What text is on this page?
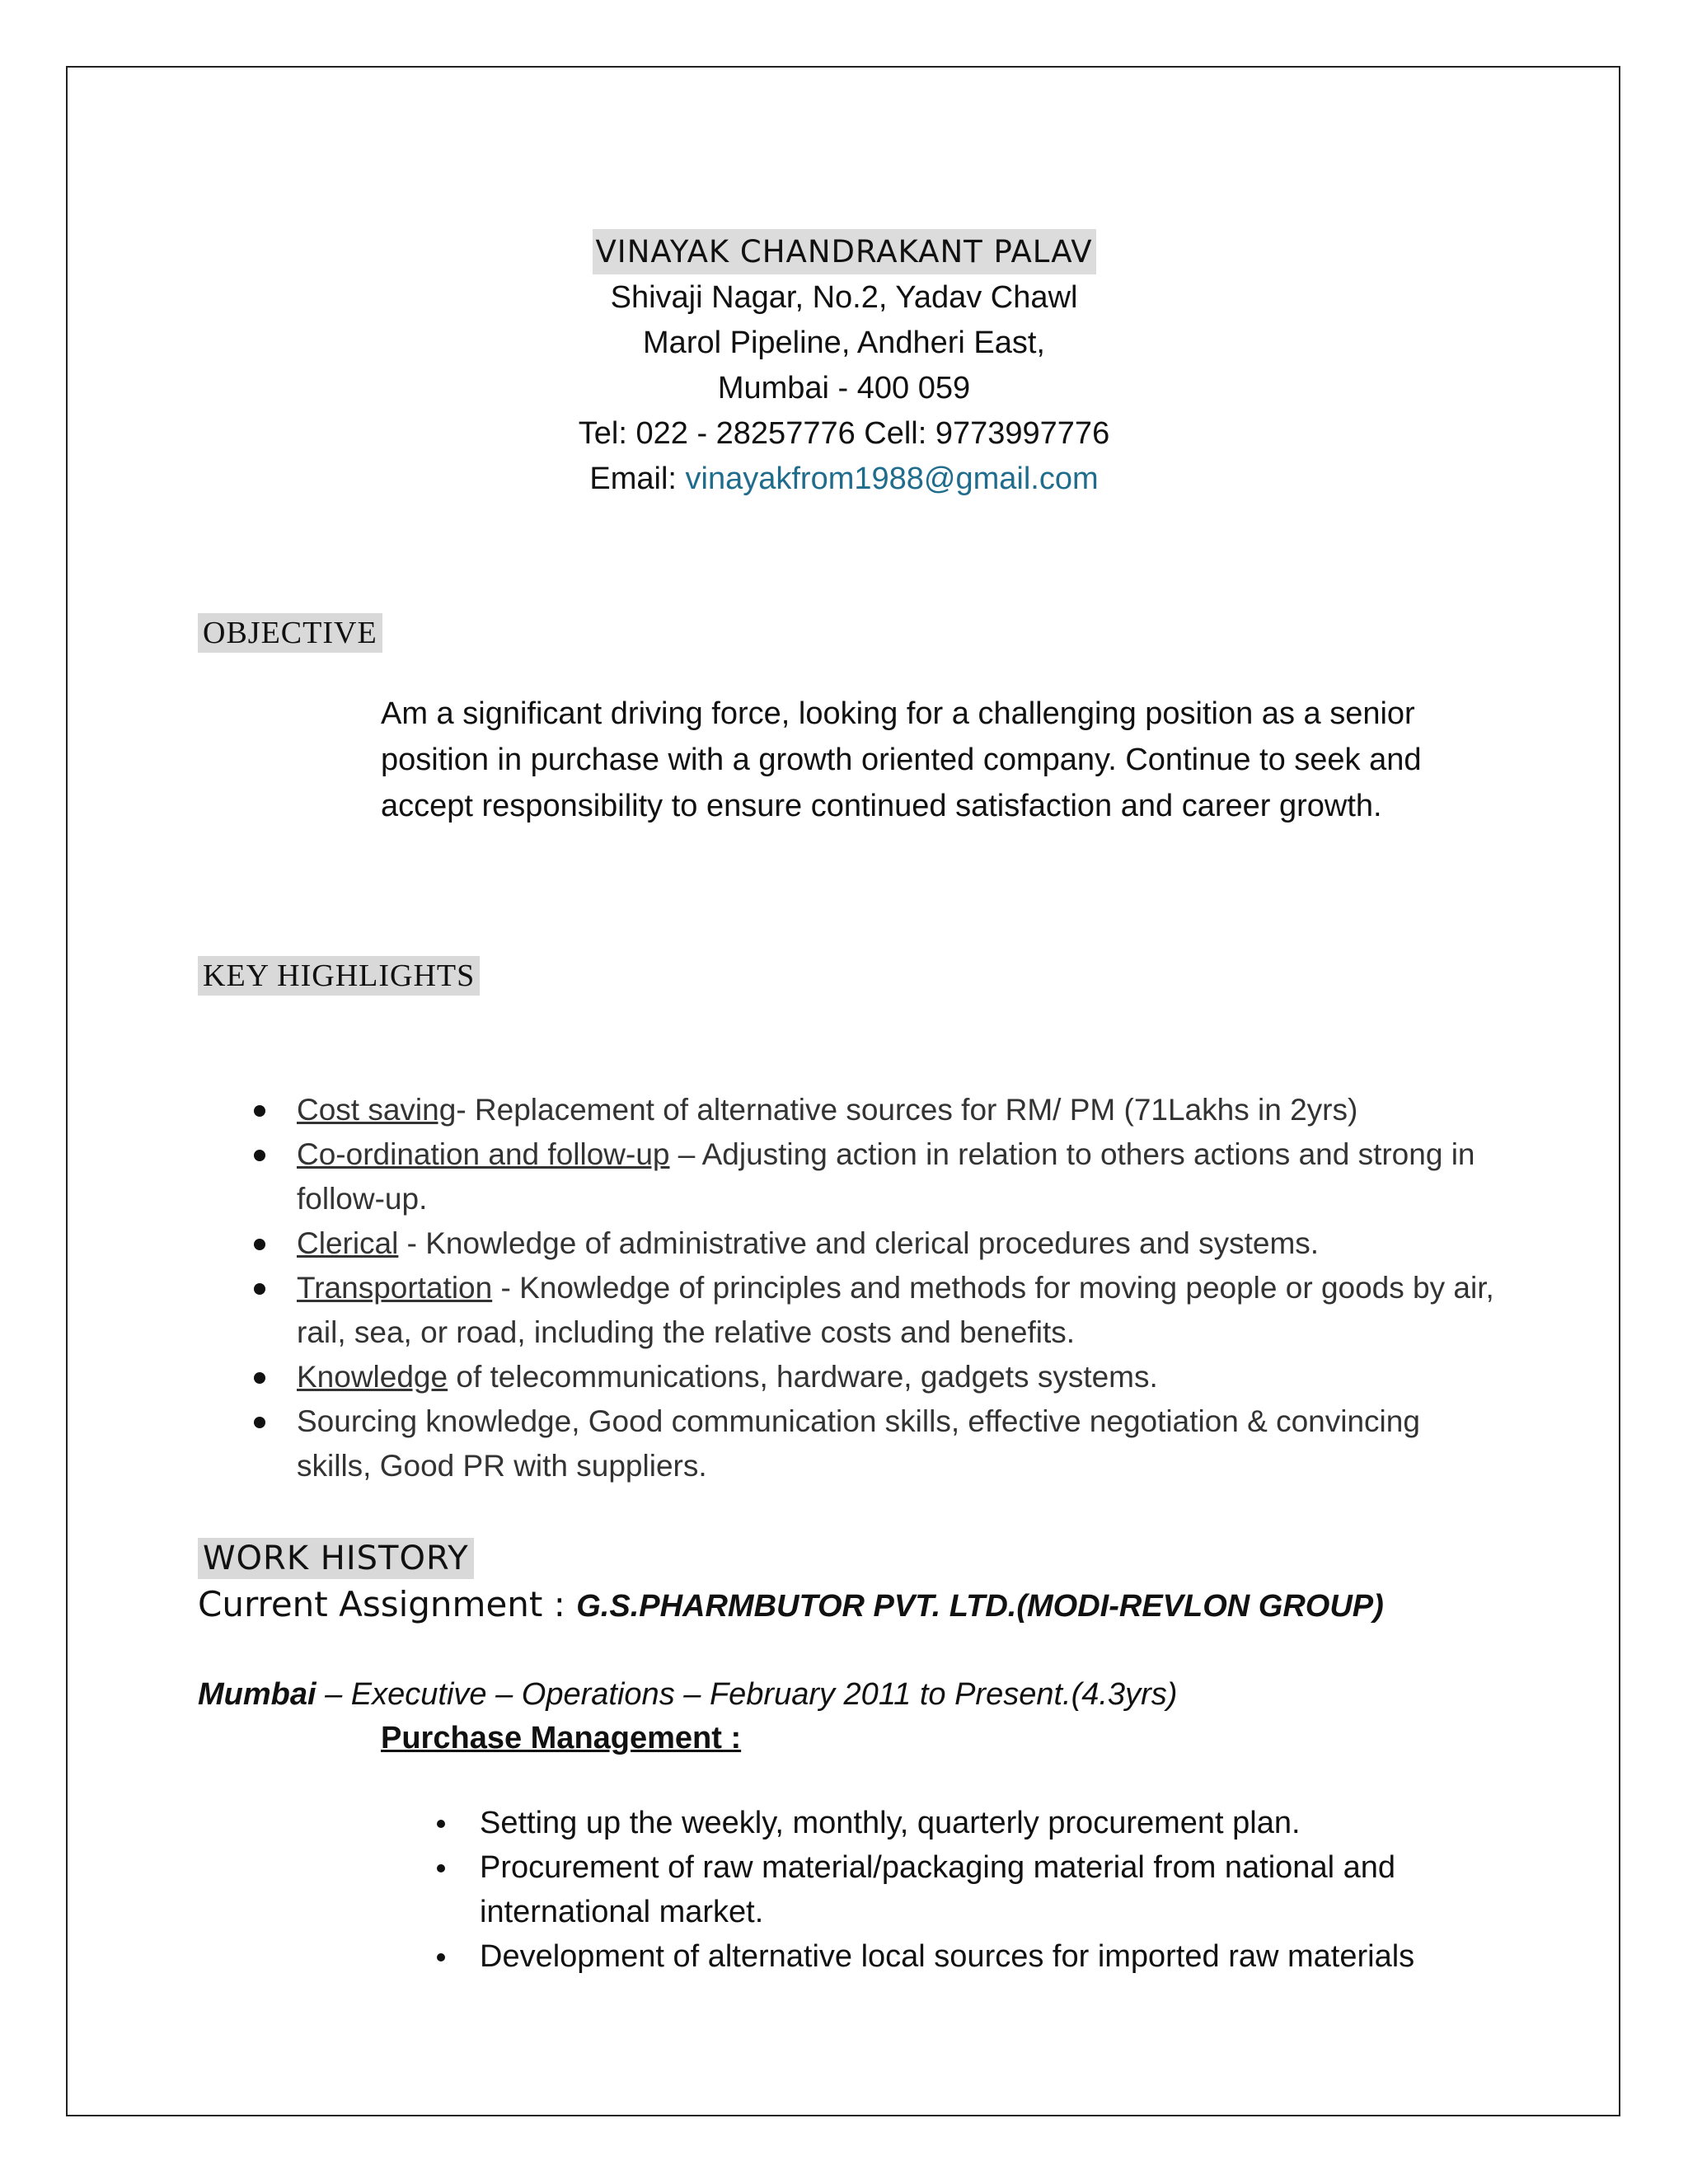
VINAYAK CHANDRAKANT PALAV
Shivaji Nagar, No.2, Yadav Chawl
Marol Pipeline, Andheri East,
Mumbai - 400 059
Tel: 022 - 28257776 Cell: 9773997776
Email: vinayakfrom1988@gmail.com
OBJECTIVE
Am a significant driving force, looking for a challenging position as a senior position in purchase with a growth oriented company. Continue to seek and accept responsibility to ensure continued satisfaction and career growth.
KEY HIGHLIGHTS
Cost saving- Replacement of alternative sources for RM/ PM (71Lakhs in 2yrs)
Co-ordination and follow-up – Adjusting action in relation to others actions and strong in follow-up.
Clerical - Knowledge of administrative and clerical procedures and systems.
Transportation - Knowledge of principles and methods for moving people or goods by air, rail, sea, or road, including the relative costs and benefits.
Knowledge of telecommunications, hardware, gadgets systems.
Sourcing knowledge, Good communication skills, effective negotiation & convincing skills, Good PR with suppliers.
WORK HISTORY
Current Assignment : G.S.PHARMBUTOR PVT. LTD.(MODI-REVLON GROUP)
Mumbai – Executive – Operations – February 2011 to Present.(4.3yrs)
Purchase Management :
Setting up the weekly, monthly, quarterly procurement plan.
Procurement of raw material/packaging material from national and international market.
Development of alternative local sources for imported raw materials
